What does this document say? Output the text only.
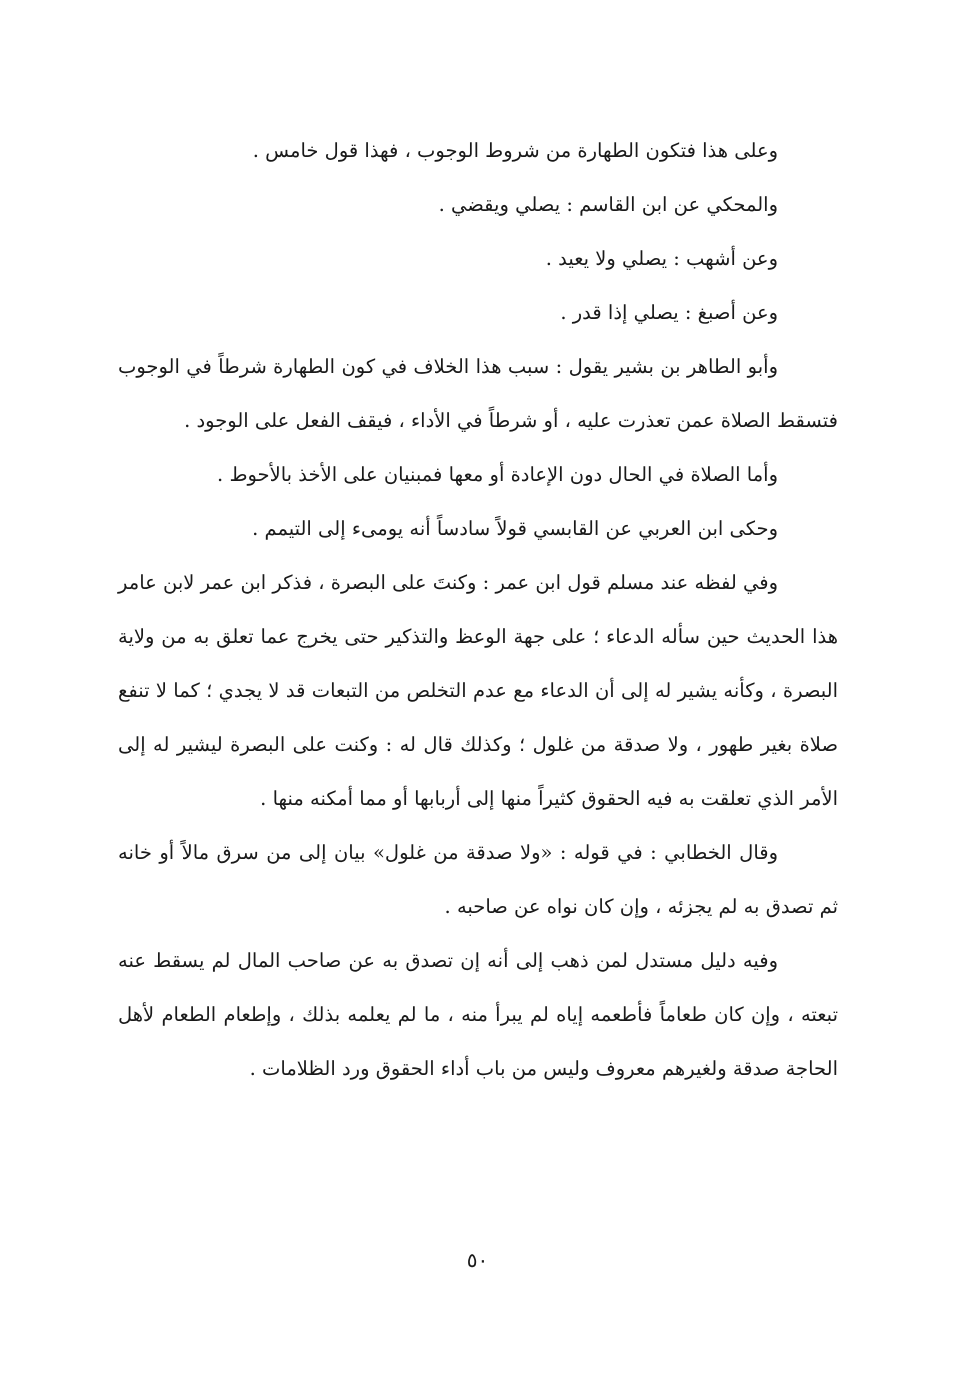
وعلى هذا فتكون الطهارة من شروط الوجوب ، فهذا قول خامس .

والمحكي عن ابن القاسم : يصلي ويقضي .

وعن أشهب : يصلي ولا يعيد .

وعن أصبغ : يصلي إذا قدر .

وأبو الطاهر بن بشير يقول : سبب هذا الخلاف في كون الطهارة شرطاً في الوجوب فتسقط الصلاة عمن تعذرت عليه ، أو شرطاً في الأداء ، فيقف الفعل على الوجود .

وأما الصلاة في الحال دون الإعادة أو معها فمبنيان على الأخذ بالأحوط .

وحكى ابن العربي عن القابسي قولاً سادساً أنه يومىء إلى التيمم .

وفي لفظه عند مسلم قول ابن عمر : وكنتَ على البصرة ، فذكر ابن عمر لابن عامر هذا الحديث حين سأله الدعاء ؛ على جهة الوعظ والتذكير حتى يخرج عما تعلق به من ولاية البصرة ، وكأنه يشير له إلى أن الدعاء مع عدم التخلص من التبعات قد لا يجدي ؛ كما لا تنفع صلاة بغير طهور ، ولا صدقة من غلول ؛ وكذلك قال له : وكنت على البصرة ليشير له إلى الأمر الذي تعلقت به فيه الحقوق كثيراً منها إلى أربابها أو مما أمكنه منها .

وقال الخطابي : في قوله : «ولا صدقة من غلول» بيان إلى من سرق مالاً أو خانه ثم تصدق به لم يجزئه ، وإن كان نواه عن صاحبه .

وفيه دليل مستدل لمن ذهب إلى أنه إن تصدق به عن صاحب المال لم يسقط عنه تبعته ، وإن كان طعاماً فأطعمه إياه لم يبرأ منه ، ما لم يعلمه بذلك ، وإطعام الطعام لأهل الحاجة صدقة ولغيرهم معروف وليس من باب أداء الحقوق ورد الظلامات .

٥٠
